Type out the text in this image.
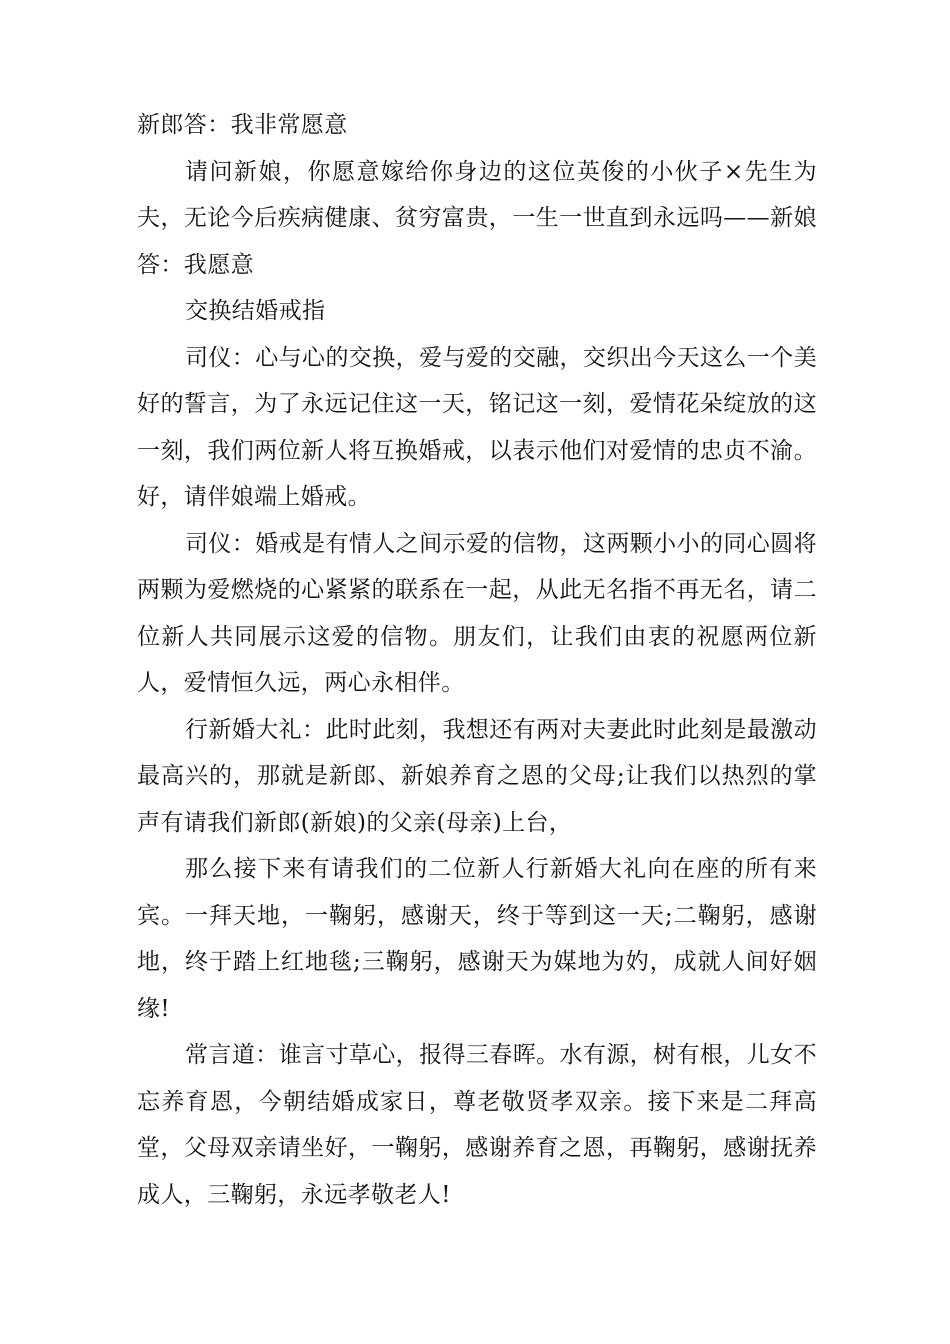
新郎答：我非常愿意

请问新娘，你愿意嫁给你身边的这位英俊的小伙子×先生为夫，无论今后疾病健康、贫穷富贵，一生一世直到永远吗——新娘答：我愿意

交换结婚戒指

司仪：心与心的交换，爱与爱的交融，交织出今天这么一个美好的誓言，为了永远记住这一天，铭记这一刻，爱情花朵绽放的这一刻，我们两位新人将互换婚戒，以表示他们对爱情的忠贞不渝。好，请伴娘端上婚戒。

司仪：婚戒是有情人之间示爱的信物，这两颗小小的同心圆将两颗为爱燃烧的心紧紧的联系在一起，从此无名指不再无名，请二位新人共同展示这爱的信物。朋友们，让我们由衷的祝愿两位新人，爱情恒久远，两心永相伴。

行新婚大礼：此时此刻，我想还有两对夫妻此时此刻是最激动最高兴的，那就是新郎、新娘养育之恩的父母;让我们以热烈的掌声有请我们新郎(新娘)的父亲(母亲)上台，

那么接下来有请我们的二位新人行新婚大礼向在座的所有来宾。一拜天地，一鞠躬，感谢天，终于等到这一天;二鞠躬，感谢地，终于踏上红地毯;三鞠躬，感谢天为媒地为妁，成就人间好姻缘!

常言道：谁言寸草心，报得三春晖。水有源，树有根，儿女不忘养育恩，今朝结婚成家日，尊老敬贤孝双亲。接下来是二拜高堂，父母双亲请坐好，一鞠躬，感谢养育之恩，再鞠躬，感谢抚养成人，三鞠躬，永远孝敬老人!
